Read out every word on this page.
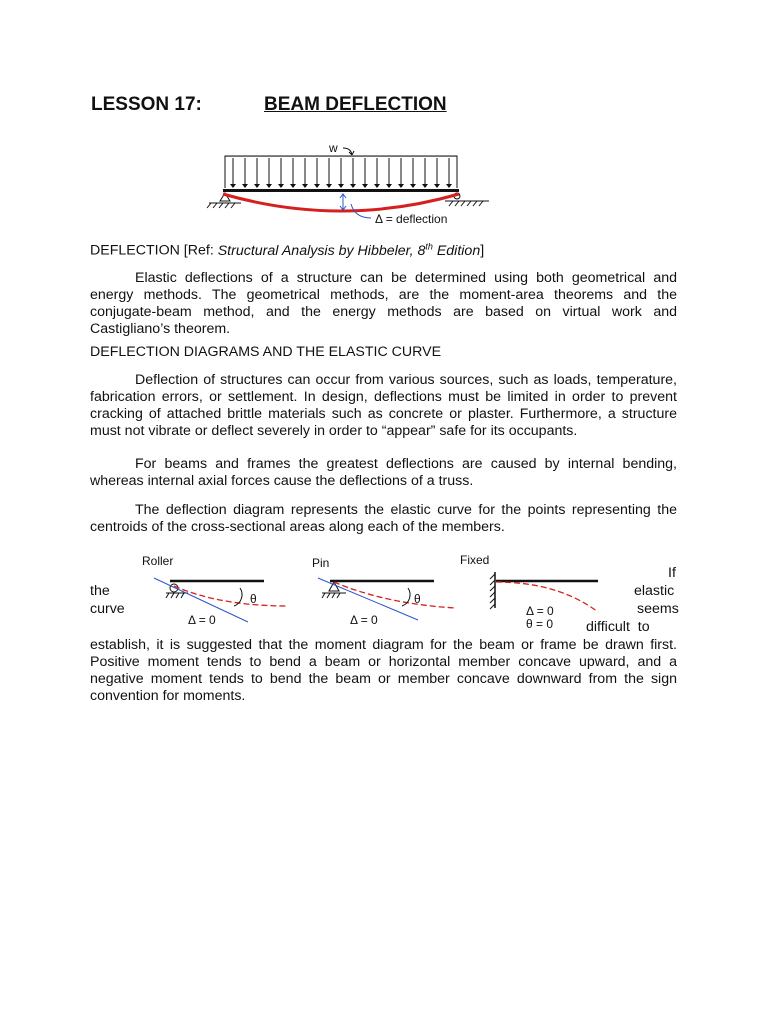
LESSON 17:	BEAM DEFLECTION
w
Δ = deflection
DEFLECTION [Ref: Structural Analysis by Hibbeler, 8th Edition]
Elastic deflections of a structure can be determined using both geometrical and energy methods. The geometrical methods, are the moment-area theorems and the conjugate-beam method, and the energy methods are based on virtual work and Castigliano’s theorem.
DEFLECTION DIAGRAMS AND THE ELASTIC CURVE
Deflection of structures can occur from various sources, such as loads, temperature, fabrication errors, or settlement. In design, deflections must be limited in order to prevent cracking of attached brittle materials such as concrete or plaster. Furthermore, a structure must not vibrate or deflect severely in order to “appear” safe for its occupants.
For beams and frames the greatest deflections are caused by internal bending, whereas internal axial forces cause the deflections of a truss.
The deflection diagram represents the elastic curve for the points representing the centroids of the cross-sectional areas along each of the members.
Roller
θ
Δ = 0
Pin
θ
Δ = 0
Fixed
Δ = 0
θ = 0
If
the	elastic
curve	seems
difficult  to
establish, it is suggested that the moment diagram for the beam or frame be drawn first. Positive moment tends to bend a beam or horizontal member concave upward, and a negative moment tends to bend the beam or member concave downward from the sign convention for moments.
